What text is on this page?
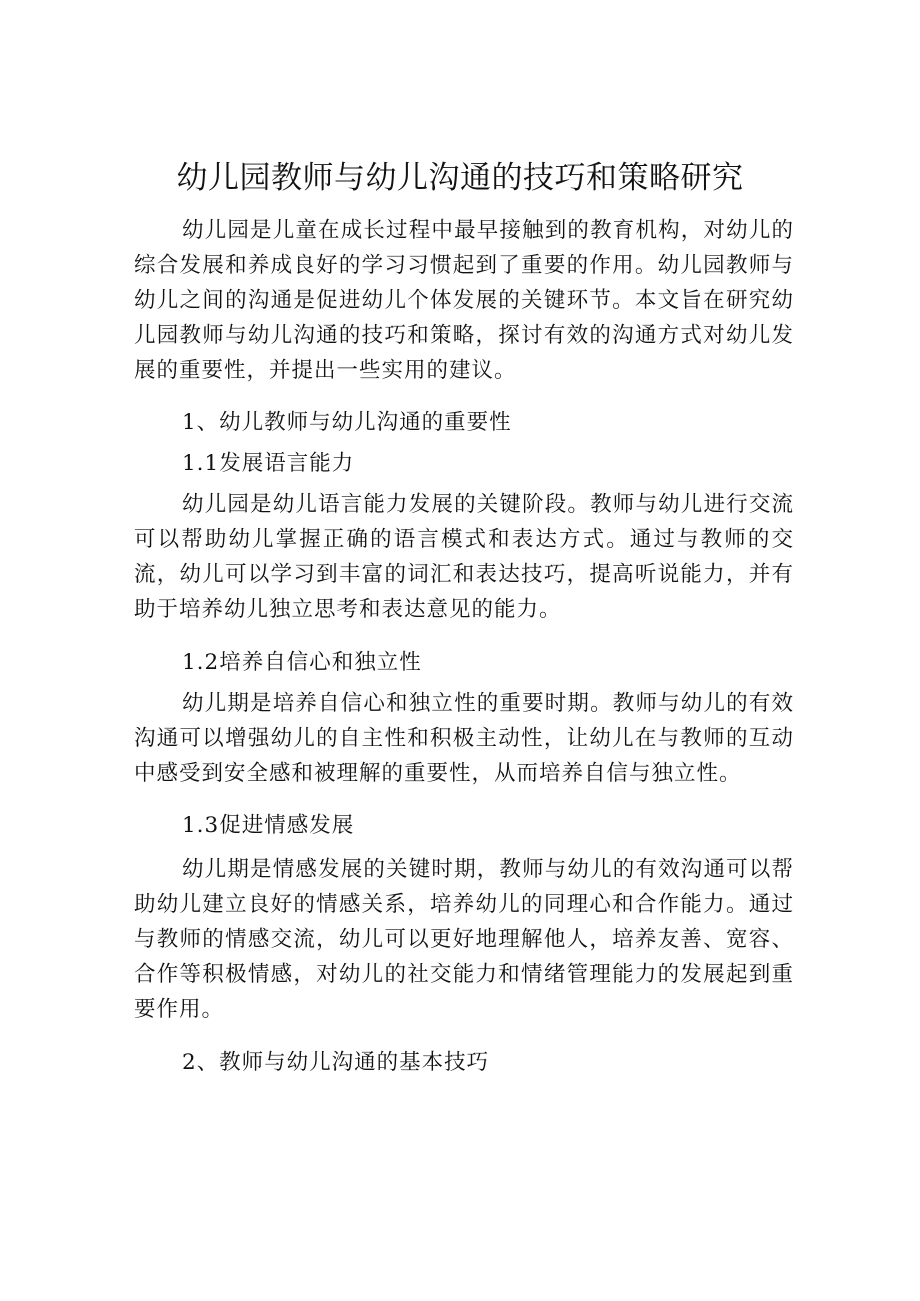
幼儿园教师与幼儿沟通的技巧和策略研究

幼儿园是儿童在成长过程中最早接触到的教育机构，对幼儿的综合发展和养成良好的学习习惯起到了重要的作用。幼儿园教师与幼儿之间的沟通是促进幼儿个体发展的关键环节。本文旨在研究幼儿园教师与幼儿沟通的技巧和策略，探讨有效的沟通方式对幼儿发展的重要性，并提出一些实用的建议。

1、幼儿教师与幼儿沟通的重要性
1.1发展语言能力

幼儿园是幼儿语言能力发展的关键阶段。教师与幼儿进行交流可以帮助幼儿掌握正确的语言模式和表达方式。通过与教师的交流，幼儿可以学习到丰富的词汇和表达技巧，提高听说能力，并有助于培养幼儿独立思考和表达意见的能力。

1.2培养自信心和独立性

幼儿期是培养自信心和独立性的重要时期。教师与幼儿的有效沟通可以增强幼儿的自主性和积极主动性，让幼儿在与教师的互动中感受到安全感和被理解的重要性，从而培养自信与独立性。

1.3促进情感发展

幼儿期是情感发展的关键时期，教师与幼儿的有效沟通可以帮助幼儿建立良好的情感关系，培养幼儿的同理心和合作能力。通过与教师的情感交流，幼儿可以更好地理解他人，培养友善、宽容、合作等积极情感，对幼儿的社交能力和情绪管理能力的发展起到重要作用。

2、教师与幼儿沟通的基本技巧
